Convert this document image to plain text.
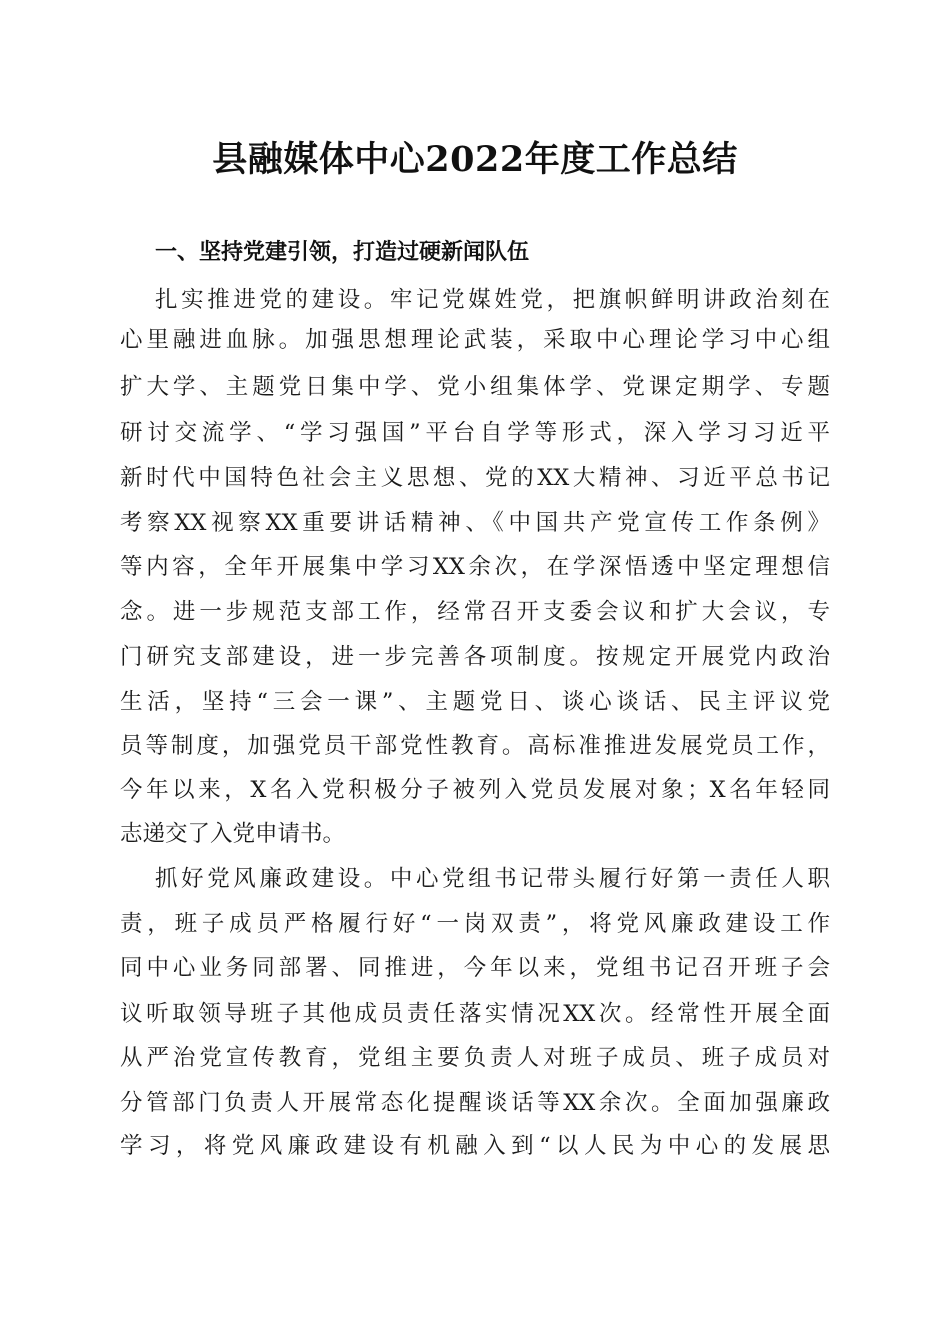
县融媒体中心2022年度工作总结
一、坚持党建引领，打造过硬新闻队伍
扎实推进党的建设。牢记党媒姓党，把旗帜鲜明讲政治刻在
心里融进血脉。加强思想理论武装，采取中心理论学习中心组
扩大学、主题党日集中学、党小组集体学、党课定期学、专题
研讨交流学、“学习强国”平台自学等形式，深入学习习近平
新时代中国特色社会主义思想、党的XX大精神、习近平总书记
考察XX视察XX重要讲话精神、《中国共产党宣传工作条例》
等内容，全年开展集中学习XX余次，在学深悟透中坚定理想信
念。进一步规范支部工作，经常召开支委会议和扩大会议，专
门研究支部建设，进一步完善各项制度。按规定开展党内政治
生活，坚持“三会一课”、主题党日、谈心谈话、民主评议党
员等制度，加强党员干部党性教育。高标准推进发展党员工作，
今年以来，X名入党积极分子被列入党员发展对象；X名年轻同
志递交了入党申请书。
抓好党风廉政建设。中心党组书记带头履行好第一责任人职
责，班子成员严格履行好“一岗双责”，将党风廉政建设工作
同中心业务同部署、同推进，今年以来，党组书记召开班子会
议听取领导班子其他成员责任落实情况XX次。经常性开展全面
从严治党宣传教育，党组主要负责人对班子成员、班子成员对
分管部门负责人开展常态化提醒谈话等XX余次。全面加强廉政
学习，将党风廉政建设有机融入到“以人民为中心的发展思
